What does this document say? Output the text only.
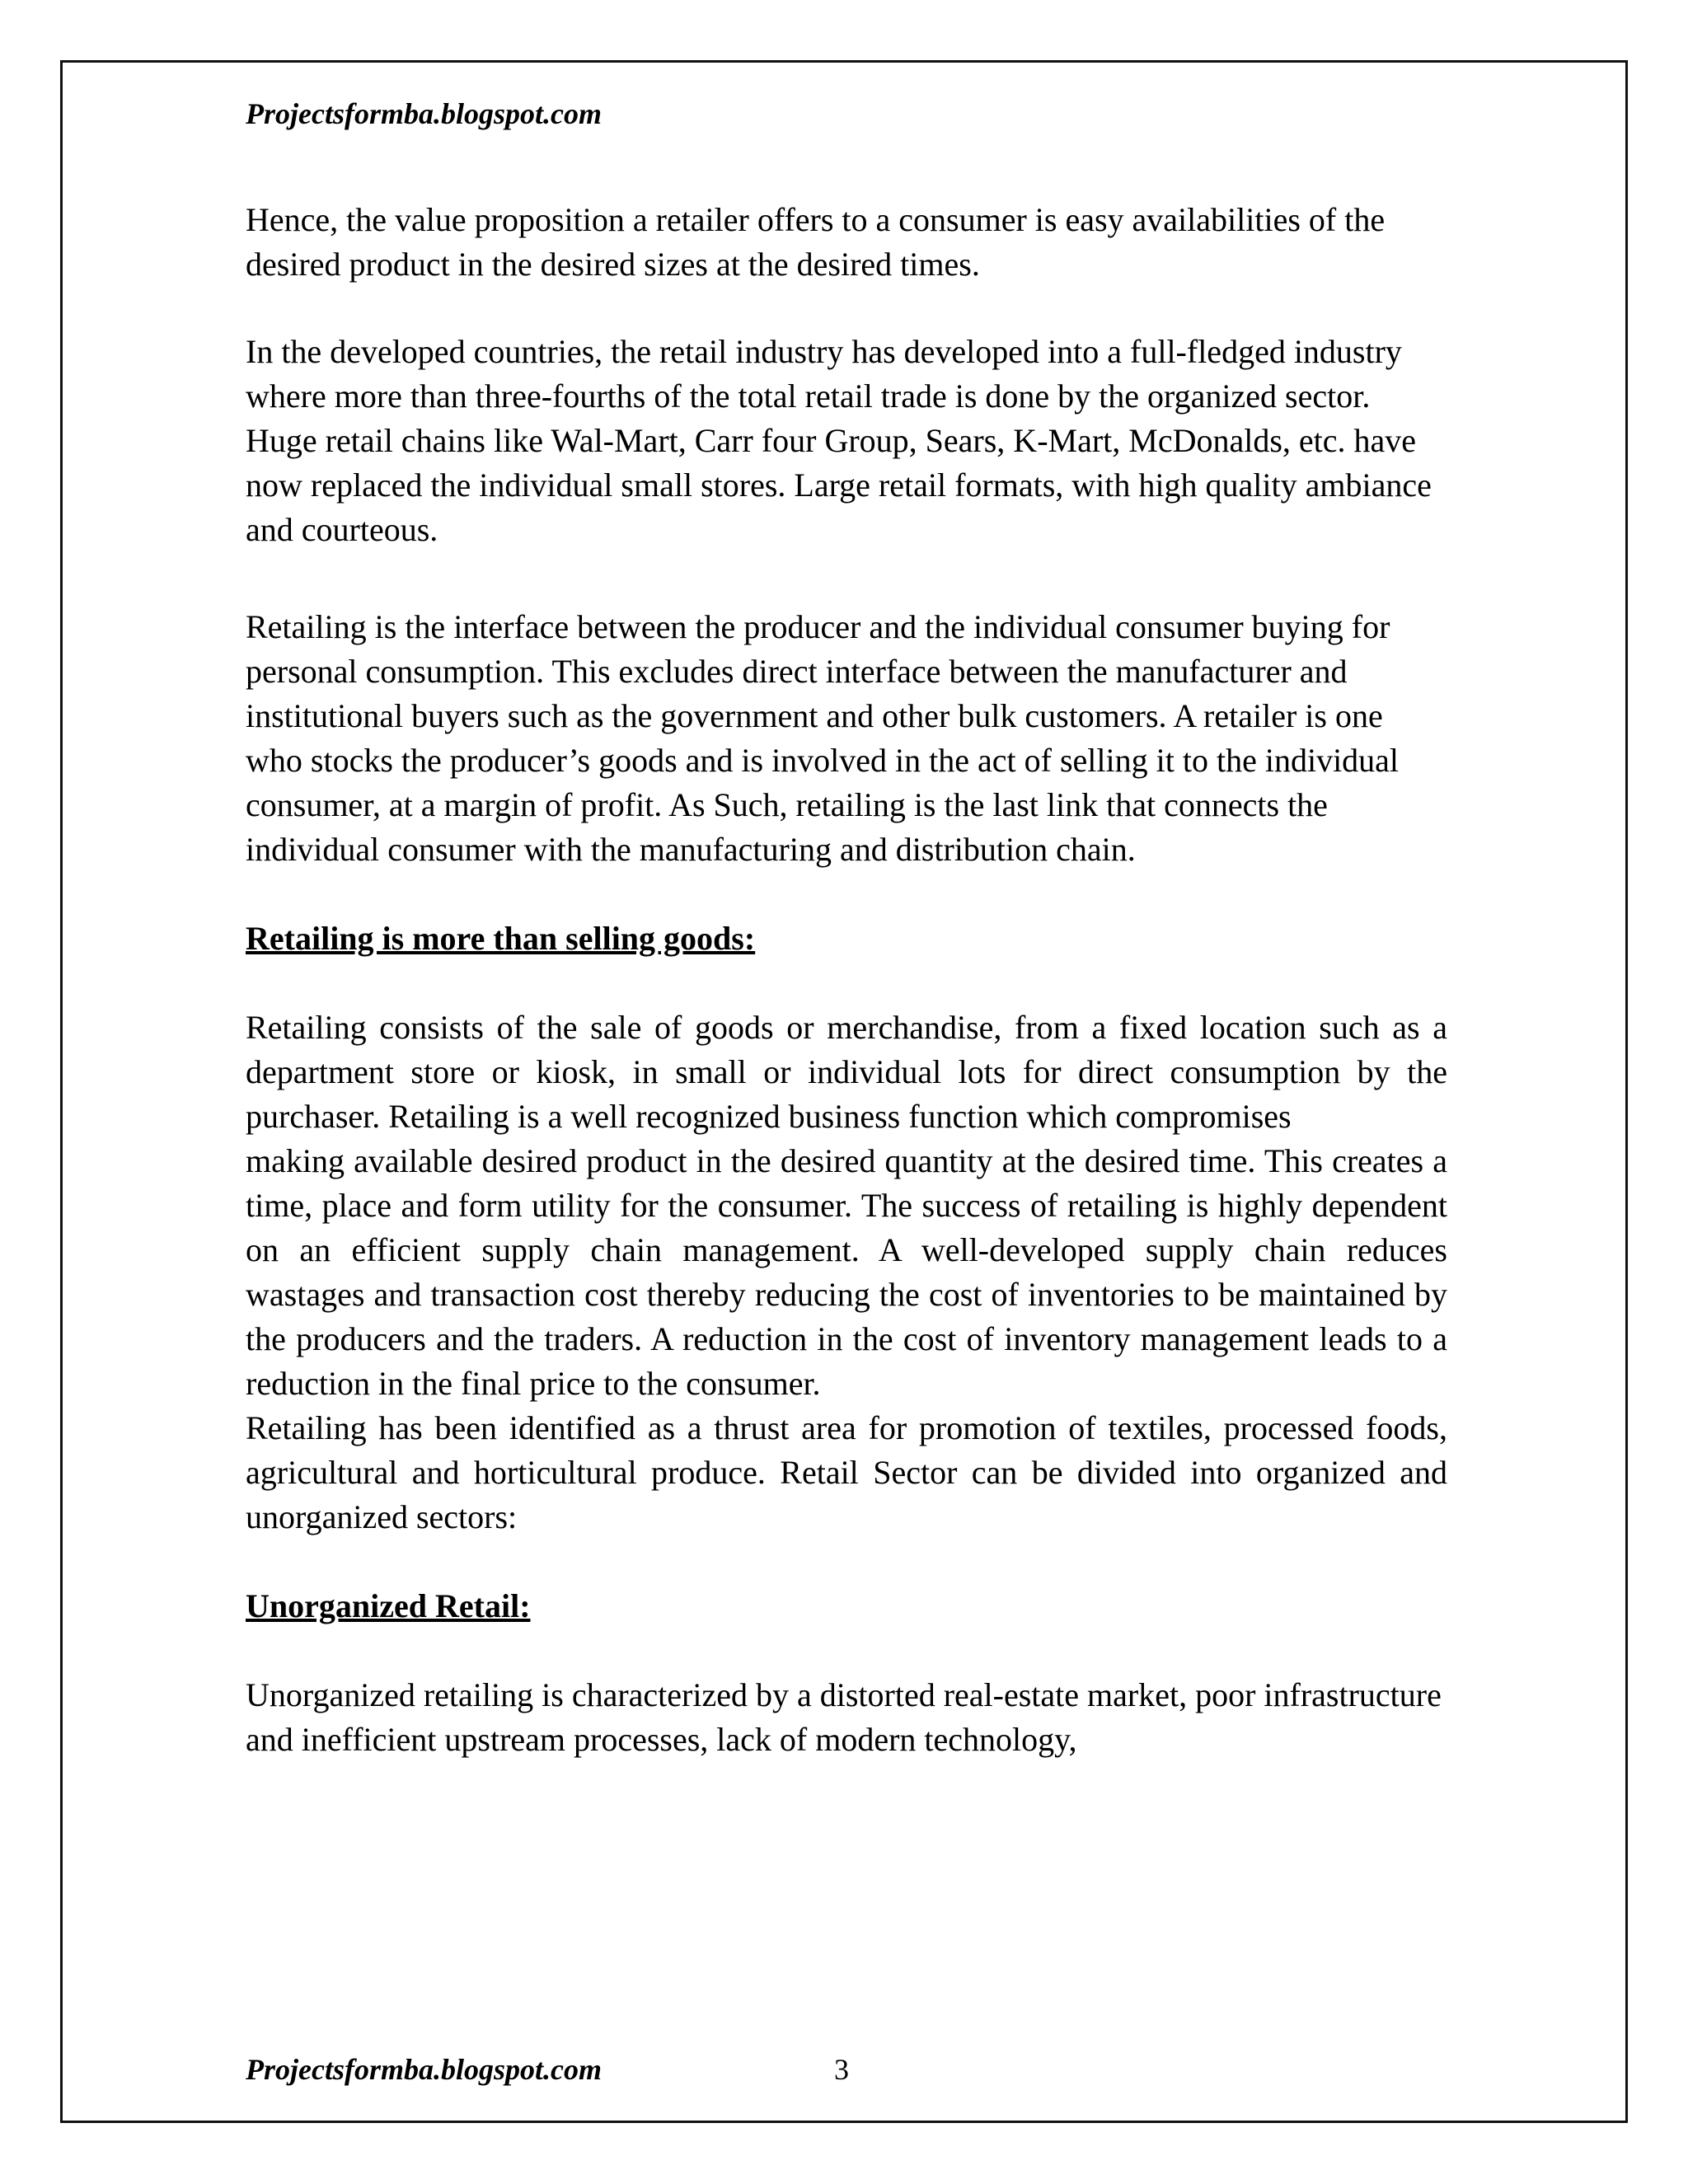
Projectsformba.blogspot.com

Hence, the value proposition a retailer offers to a consumer is easy availabilities of the desired product in the desired sizes at the desired times.

In the developed countries, the retail industry has developed into a full-fledged industry where more than three-fourths of the total retail trade is done by the organized sector. Huge retail chains like Wal-Mart, Carr four Group, Sears, K-Mart, McDonalds, etc. have now replaced the individual small stores. Large retail formats, with high quality ambiance and courteous.

Retailing is the interface between the producer and the individual consumer buying for personal consumption. This excludes direct interface between the manufacturer and institutional buyers such as the government and other bulk customers. A retailer is one who stocks the producer’s goods and is involved in the act of selling it to the individual consumer, at a margin of profit. As Such, retailing is the last link that connects the individual consumer with the manufacturing and distribution chain.

Retailing is more than selling goods:

Retailing consists of the sale of goods or merchandise, from a fixed location such as a department store or kiosk, in small or individual lots for direct consumption by the purchaser. Retailing is a well recognized business function which compromises

making available desired product in the desired quantity at the desired time. This creates a time, place and form utility for the consumer. The success of retailing is highly dependent on an efficient supply chain management. A well-developed supply chain reduces wastages and transaction cost thereby reducing the cost of inventories to be maintained by the producers and the traders. A reduction in the cost of inventory management leads to a reduction in the final price to the consumer.

Retailing has been identified as a thrust area for promotion of textiles, processed foods, agricultural and horticultural produce. Retail Sector can be divided into organized and unorganized sectors:

Unorganized Retail:

Unorganized retailing is characterized by a distorted real-estate market, poor infrastructure and inefficient upstream processes, lack of modern technology,

Projectsformba.blogspot.com	3
